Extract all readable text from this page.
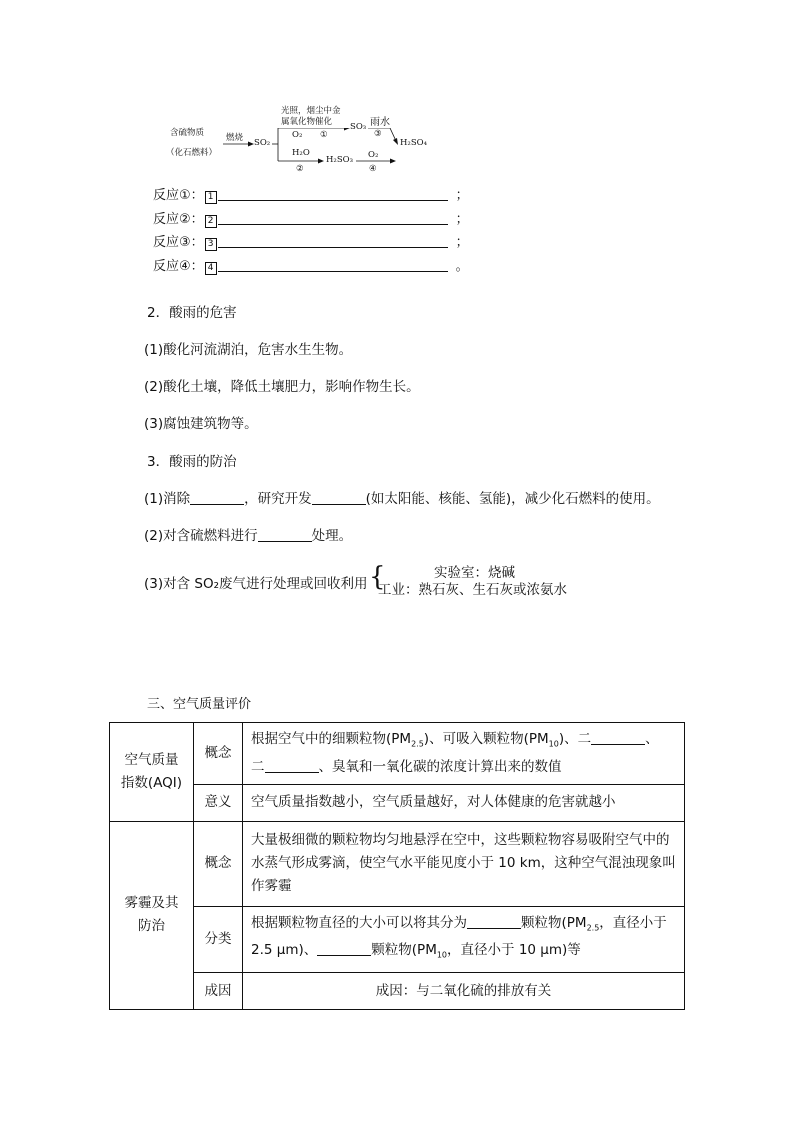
含硫物质
（化石燃料）
燃烧 SO₂
光照，烟尘中金
属氧化物催化
O₂ ①
SO₃ 雨水
③
H₂O
②
H₂SO₃ O₂
④
H₂SO₄
反应①： 1	；
反应②： 2	；
反应③： 3	；
反应④： 4	。
2．酸雨的危害
(1)酸化河流湖泊，危害水生生物。
(2)酸化土壤，降低土壤肥力，影响作物生长。
(3)腐蚀建筑物等。
3．酸雨的防治
(1)消除	，研究开发	(如太阳能、核能、氢能)，减少化石燃料的使用。
(2)对含硫燃料进行	处理。
(3)对含 SO₂废气进行处理或回收利用 {	实验室：烧碱
工业：熟石灰、生石灰或浓氨水
三、空气质量评价
空气质量指数(AQI)	概念	根据空气中的细颗粒物$(PM_{2.5})$、可吸入颗粒物$(PM_{10})$、二 、 二 、臭氧和一氧化碳的浓度计算出来的数值
	意义	空气质量指数越小，空气质量越好，对人体健康的危害就越小
雾霾及其防治	概念	大量极细微的颗粒物均匀地悬浮在空中，这些颗粒物容易吸附空气中的水蒸气形成雾滴，使空气水平能见度小于 10 km，这种空气混浊现象叫作雾霾
	分类	根据颗粒物直径的大小可以将其分为 颗粒物($PM_{2.5}$，直径小于 2.5 μm)、 颗粒物($PM_{10}$，直径小于 10 μm)等
	成因	成因：与二氧化硫的排放有关
